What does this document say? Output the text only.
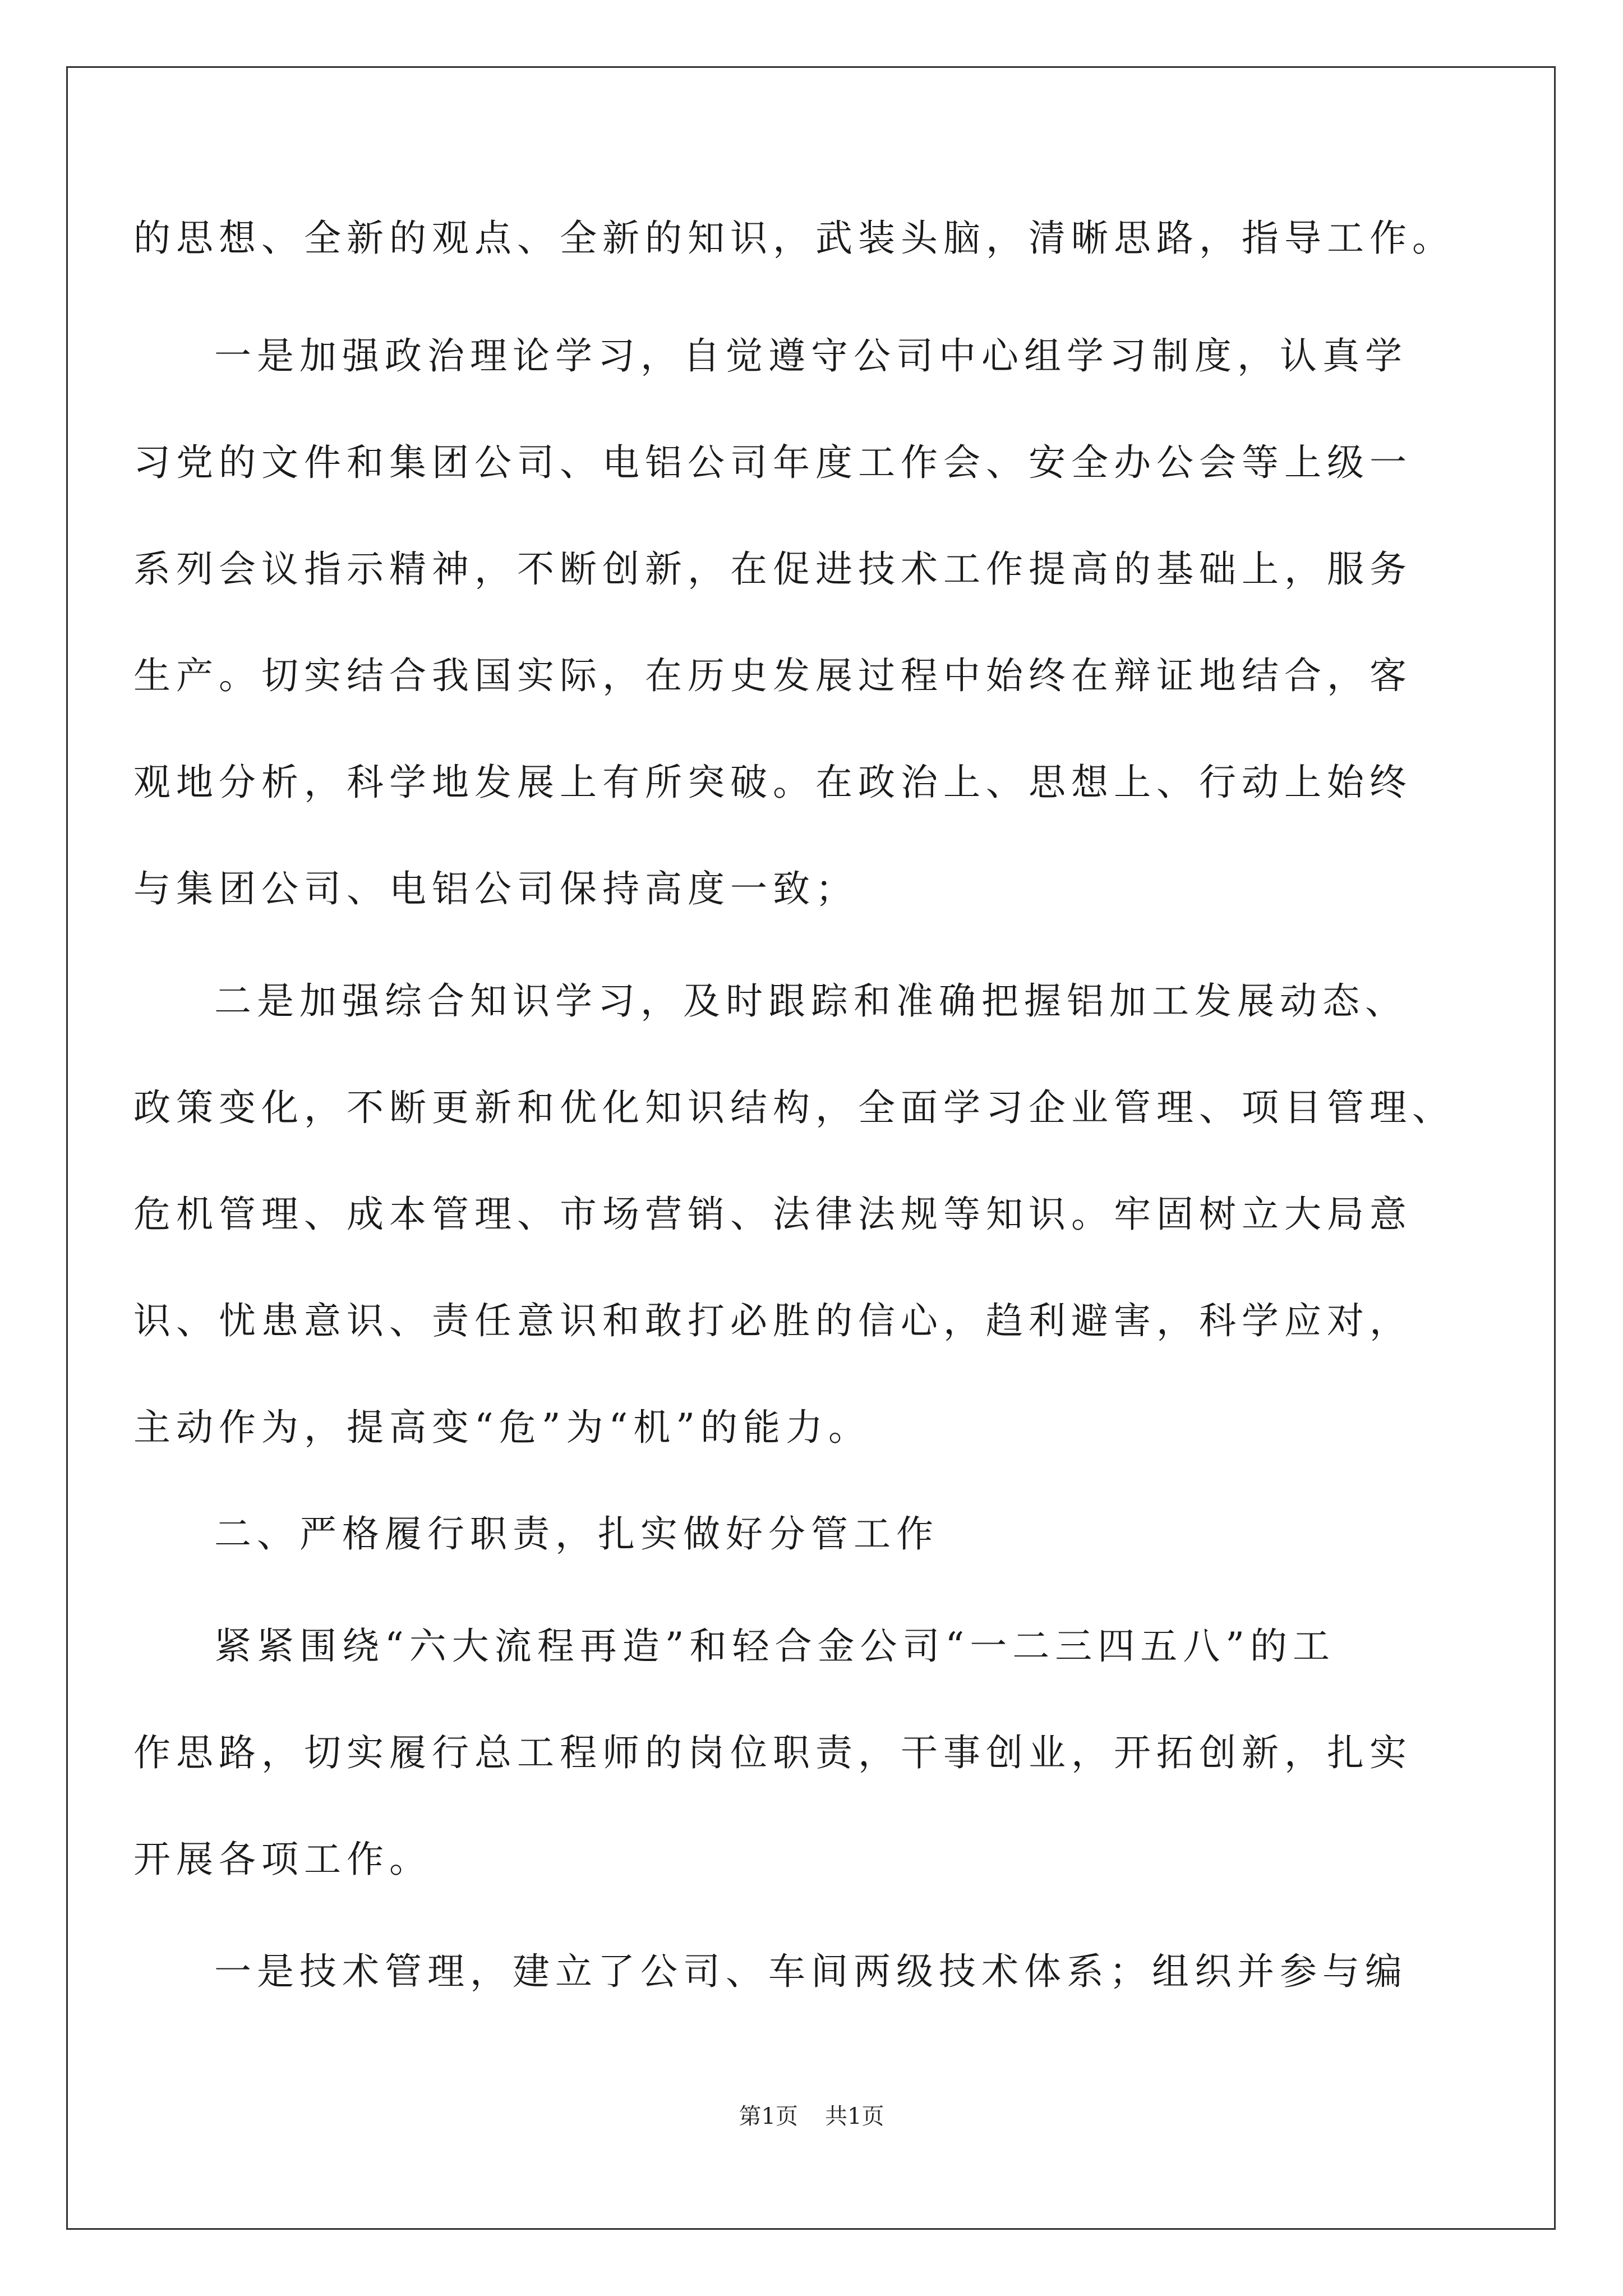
的思想、全新的观点、全新的知识，武装头脑，清晰思路，指导工作。
一是加强政治理论学习，自觉遵守公司中心组学习制度，认真学
习党的文件和集团公司、电铝公司年度工作会、安全办公会等上级一
系列会议指示精神，不断创新，在促进技术工作提高的基础上，服务
生产。切实结合我国实际，在历史发展过程中始终在辩证地结合，客
观地分析，科学地发展上有所突破。在政治上、思想上、行动上始终
与集团公司、电铝公司保持高度一致；
二是加强综合知识学习，及时跟踪和准确把握铝加工发展动态、
政策变化，不断更新和优化知识结构，全面学习企业管理、项目管理、
危机管理、成本管理、市场营销、法律法规等知识。牢固树立大局意
识、忧患意识、责任意识和敢打必胜的信心，趋利避害，科学应对，
主动作为，提高变“危”为“机”的能力。
二、严格履行职责，扎实做好分管工作
紧紧围绕“六大流程再造”和轻合金公司“一二三四五八”的工
作思路，切实履行总工程师的岗位职责，干事创业，开拓创新，扎实
开展各项工作。
一是技术管理，建立了公司、车间两级技术体系；组织并参与编
第1页 共1页
